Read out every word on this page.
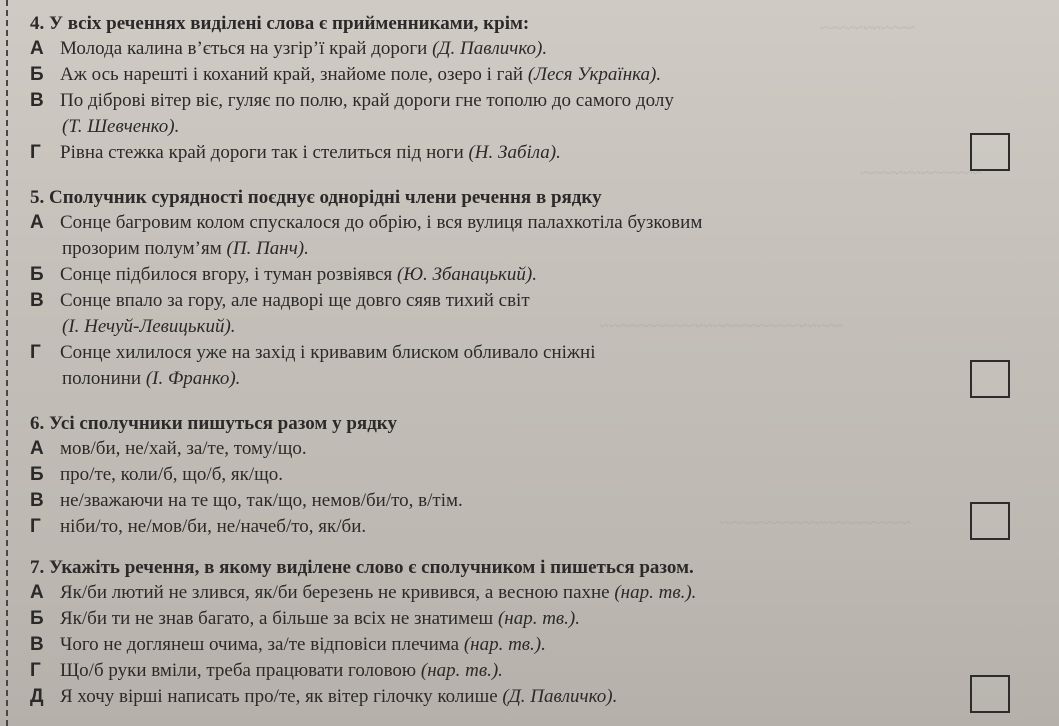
~~~~~~~~~~~
~~~~~~~~~~~~~~
~~~~~~~~~~~~~~~~~~~~~~~~~~~~
~~~~~~~~~~~~~~~~~~~~~~
4. У всіх реченнях виділені слова є прийменниками, крім:
А Молода калина в’ється на узгір’ї край дороги (Д. Павличко).
Б Аж ось нарешті і коханий край, знайоме поле, озеро і гай (Леся Українка).
В По діброві вітер віє, гуляє по полю, край дороги гне тополю до самого долу
(Т. Шевченко).
Г Рівна стежка край дороги так і стелиться під ноги (Н. Забіла).
5. Сполучник сурядності поєднує однорідні члени речення в рядку
А Сонце багровим колом спускалося до обрію, і вся вулиця палахкотіла бузковим
прозорим полум’ям (П. Панч).
Б Сонце підбилося вгору, і туман розвіявся (Ю. Збанацький).
В Сонце впало за гору, але надворі ще довго сяяв тихий світ
(І. Нечуй-Левицький).
Г Сонце хилилося уже на захід і кривавим блиском обливало сніжні
полонини (І. Франко).
6. Усі сполучники пишуться разом у рядку
А мов/би, не/хай, за/те, тому/що.
Б про/те, коли/б, що/б, як/що.
В не/зважаючи на те що, так/що, немов/би/то, в/тім.
Г ніби/то, не/мов/би, не/начеб/то, як/би.
7. Укажіть речення, в якому виділене слово є сполучником і пишеться разом.
А Як/би лютий не злився, як/би березень не кривився, а весною пахне (нар. тв.).
Б Як/би ти не знав багато, а більше за всіх не знатимеш (нар. тв.).
В Чого не доглянеш очима, за/те відповіси плечима (нар. тв.).
Г Що/б руки вміли, треба працювати головою (нар. тв.).
Д Я хочу вірші написать про/те, як вітер гілочку колише (Д. Павличко).
